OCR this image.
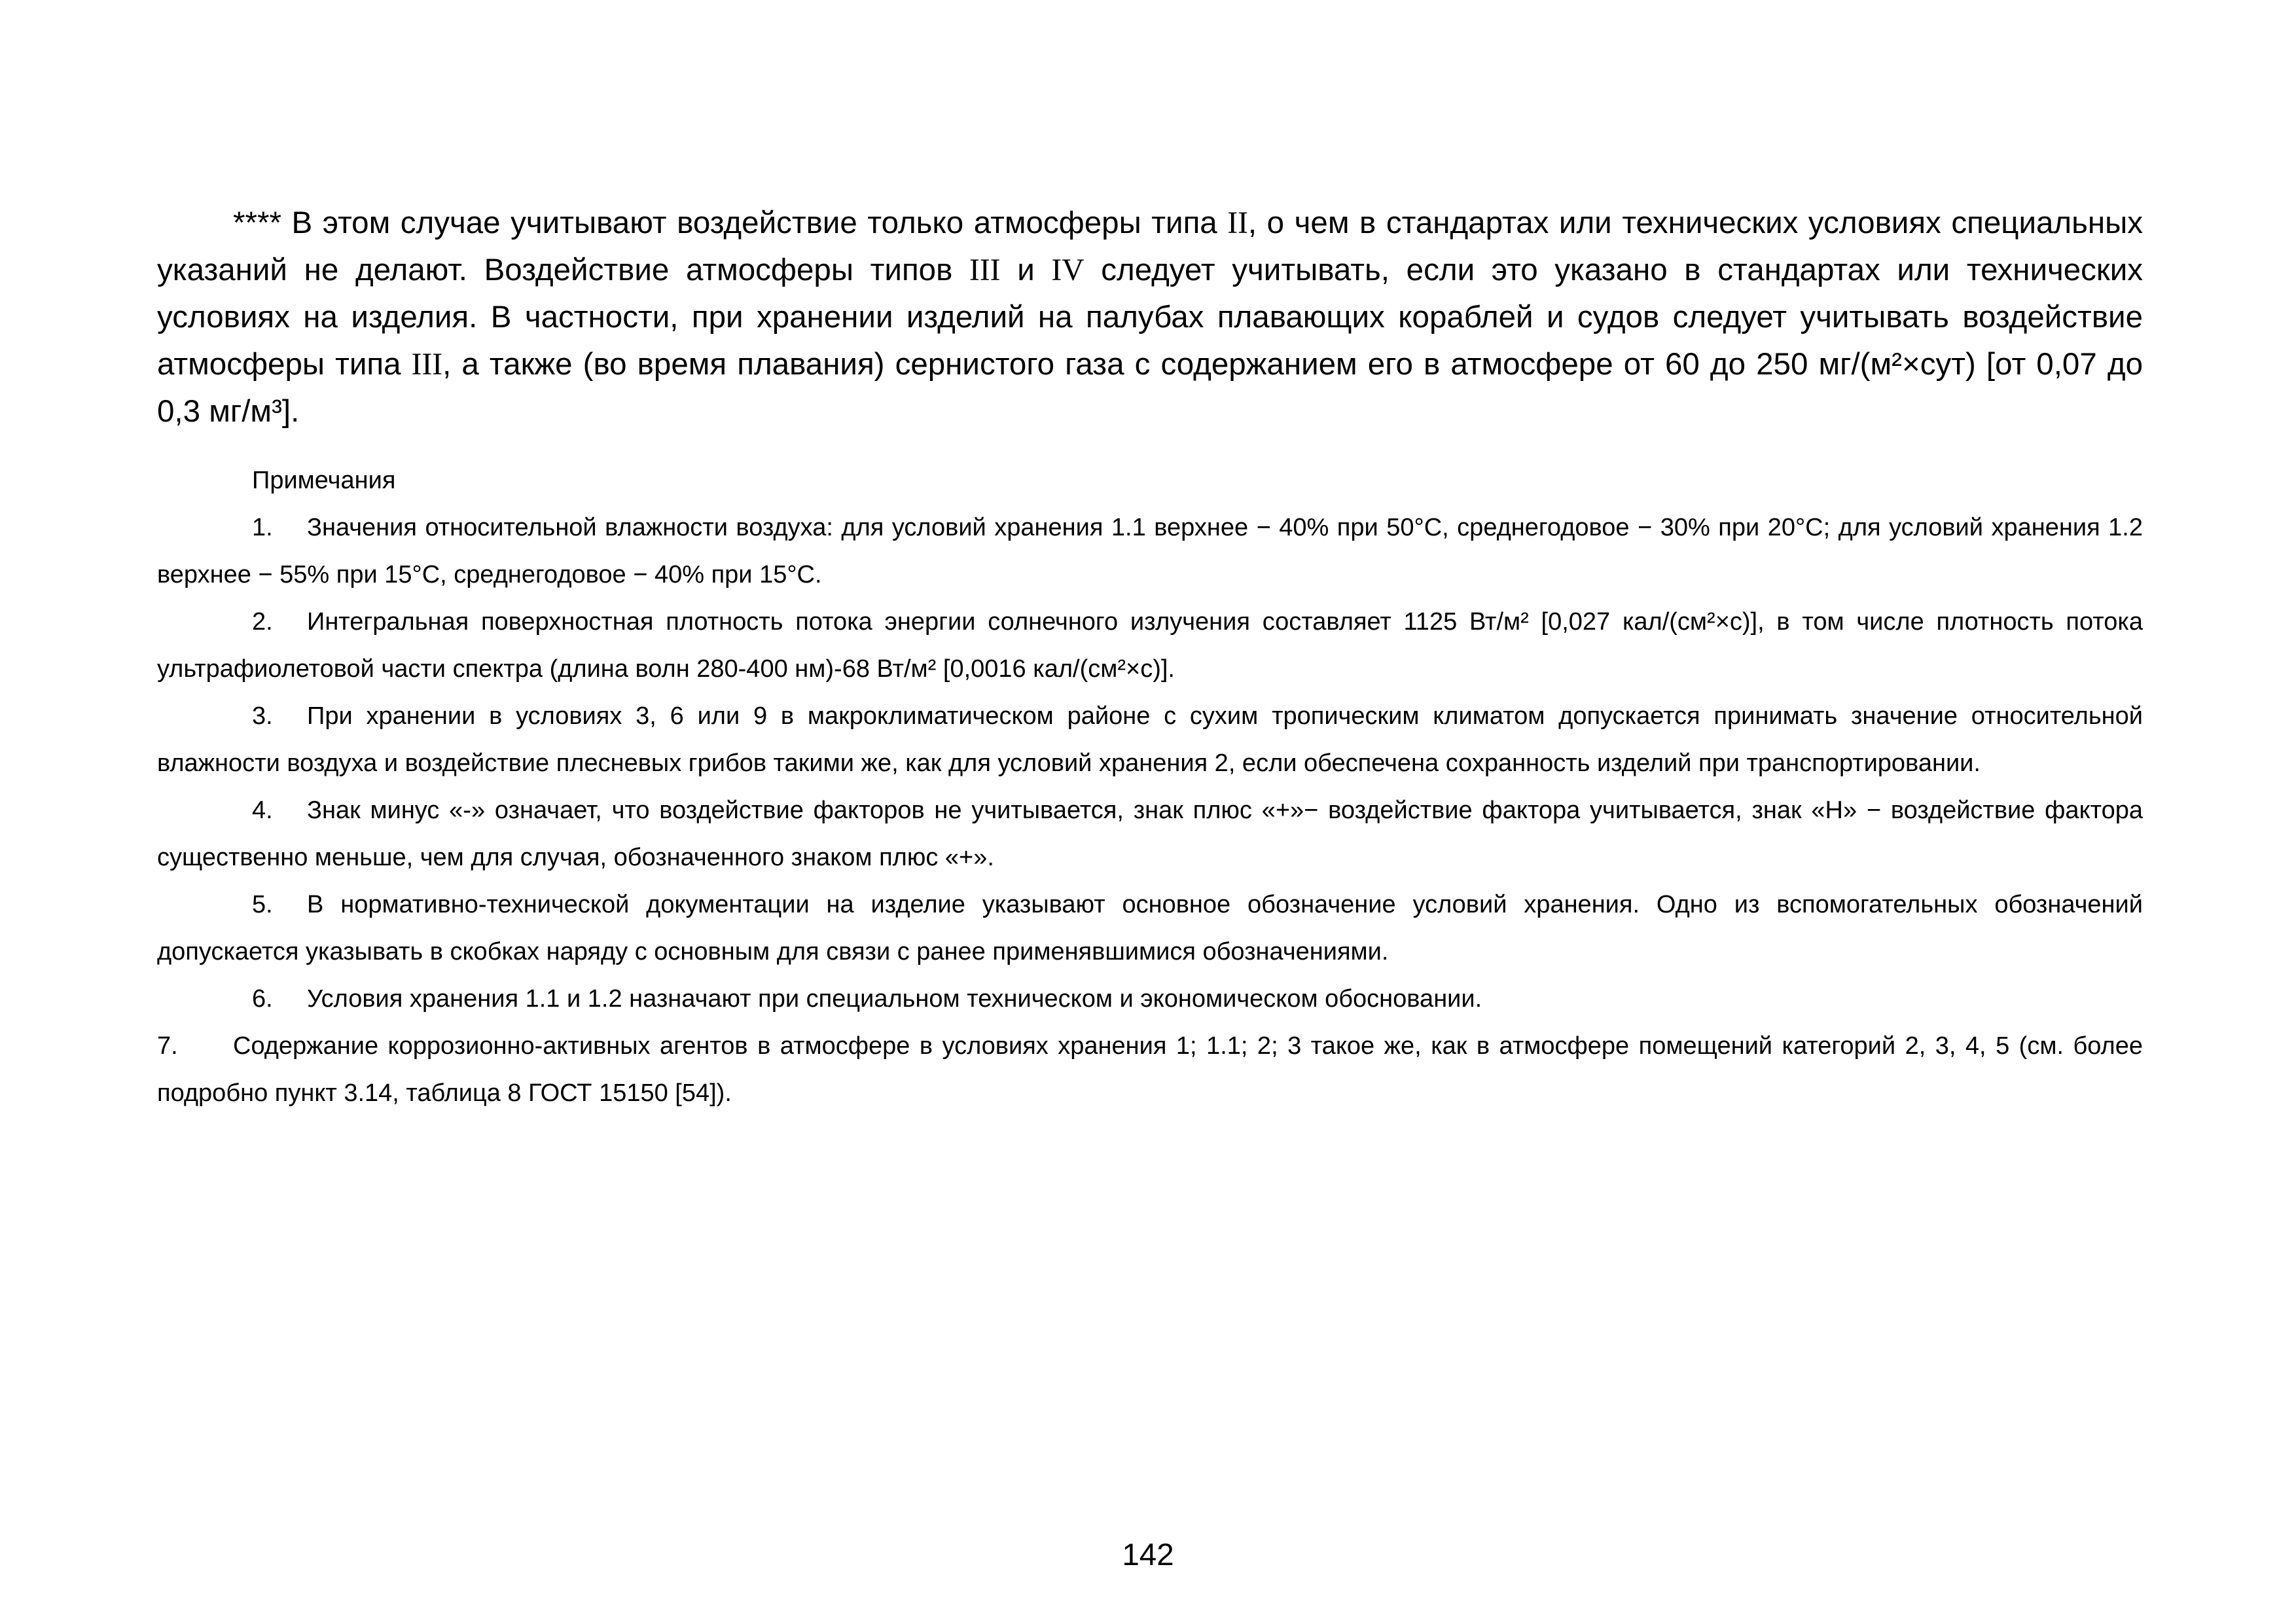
**** В этом случае учитывают воздействие только атмосферы типа II, о чем в стандартах или технических условиях специальных указаний не делают. Воздействие атмосферы типов III и IV следует учитывать, если это указано в стандартах или технических условиях на изделия. В частности, при хранении изделий на палубах плавающих кораблей и судов следует учитывать воздействие атмосферы типа III, а также (во время плавания) сернистого газа с содержанием его в атмосфере от 60 до 250 мг/(м²×сут) [от 0,07 до 0,3 мг/м³].

Примечания

1. Значения относительной влажности воздуха: для условий хранения 1.1 верхнее − 40% при 50°С, среднегодовое − 30% при 20°С; для условий хранения 1.2 верхнее − 55% при 15°С, среднегодовое − 40% при 15°С.

2. Интегральная поверхностная плотность потока энергии солнечного излучения составляет 1125 Вт/м² [0,027 кал/(см²×с)], в том числе плотность потока ультрафиолетовой части спектра (длина волн 280-400 нм)-68 Вт/м² [0,0016 кал/(см²×с)].

3. При хранении в условиях 3, 6 или 9 в макроклиматическом районе с сухим тропическим климатом допускается принимать значение относительной влажности воздуха и воздействие плесневых грибов такими же, как для условий хранения 2, если обеспечена сохранность изделий при транспортировании.

4. Знак минус «-» означает, что воздействие факторов не учитывается, знак плюс «+»− воздействие фактора учитывается, знак «Н» − воздействие фактора существенно меньше, чем для случая, обозначенного знаком плюс «+».

5. В нормативно-технической документации на изделие указывают основное обозначение условий хранения. Одно из вспомогательных обозначений допускается указывать в скобках наряду с основным для связи с ранее применявшимися обозначениями.

6. Условия хранения 1.1 и 1.2 назначают при специальном техническом и экономическом обосновании.

7. Содержание коррозионно-активных агентов в атмосфере в условиях хранения 1; 1.1; 2; 3 такое же, как в атмосфере помещений категорий 2, 3, 4, 5 (см. более подробно пункт 3.14, таблица 8 ГОСТ 15150 [54]).

142
